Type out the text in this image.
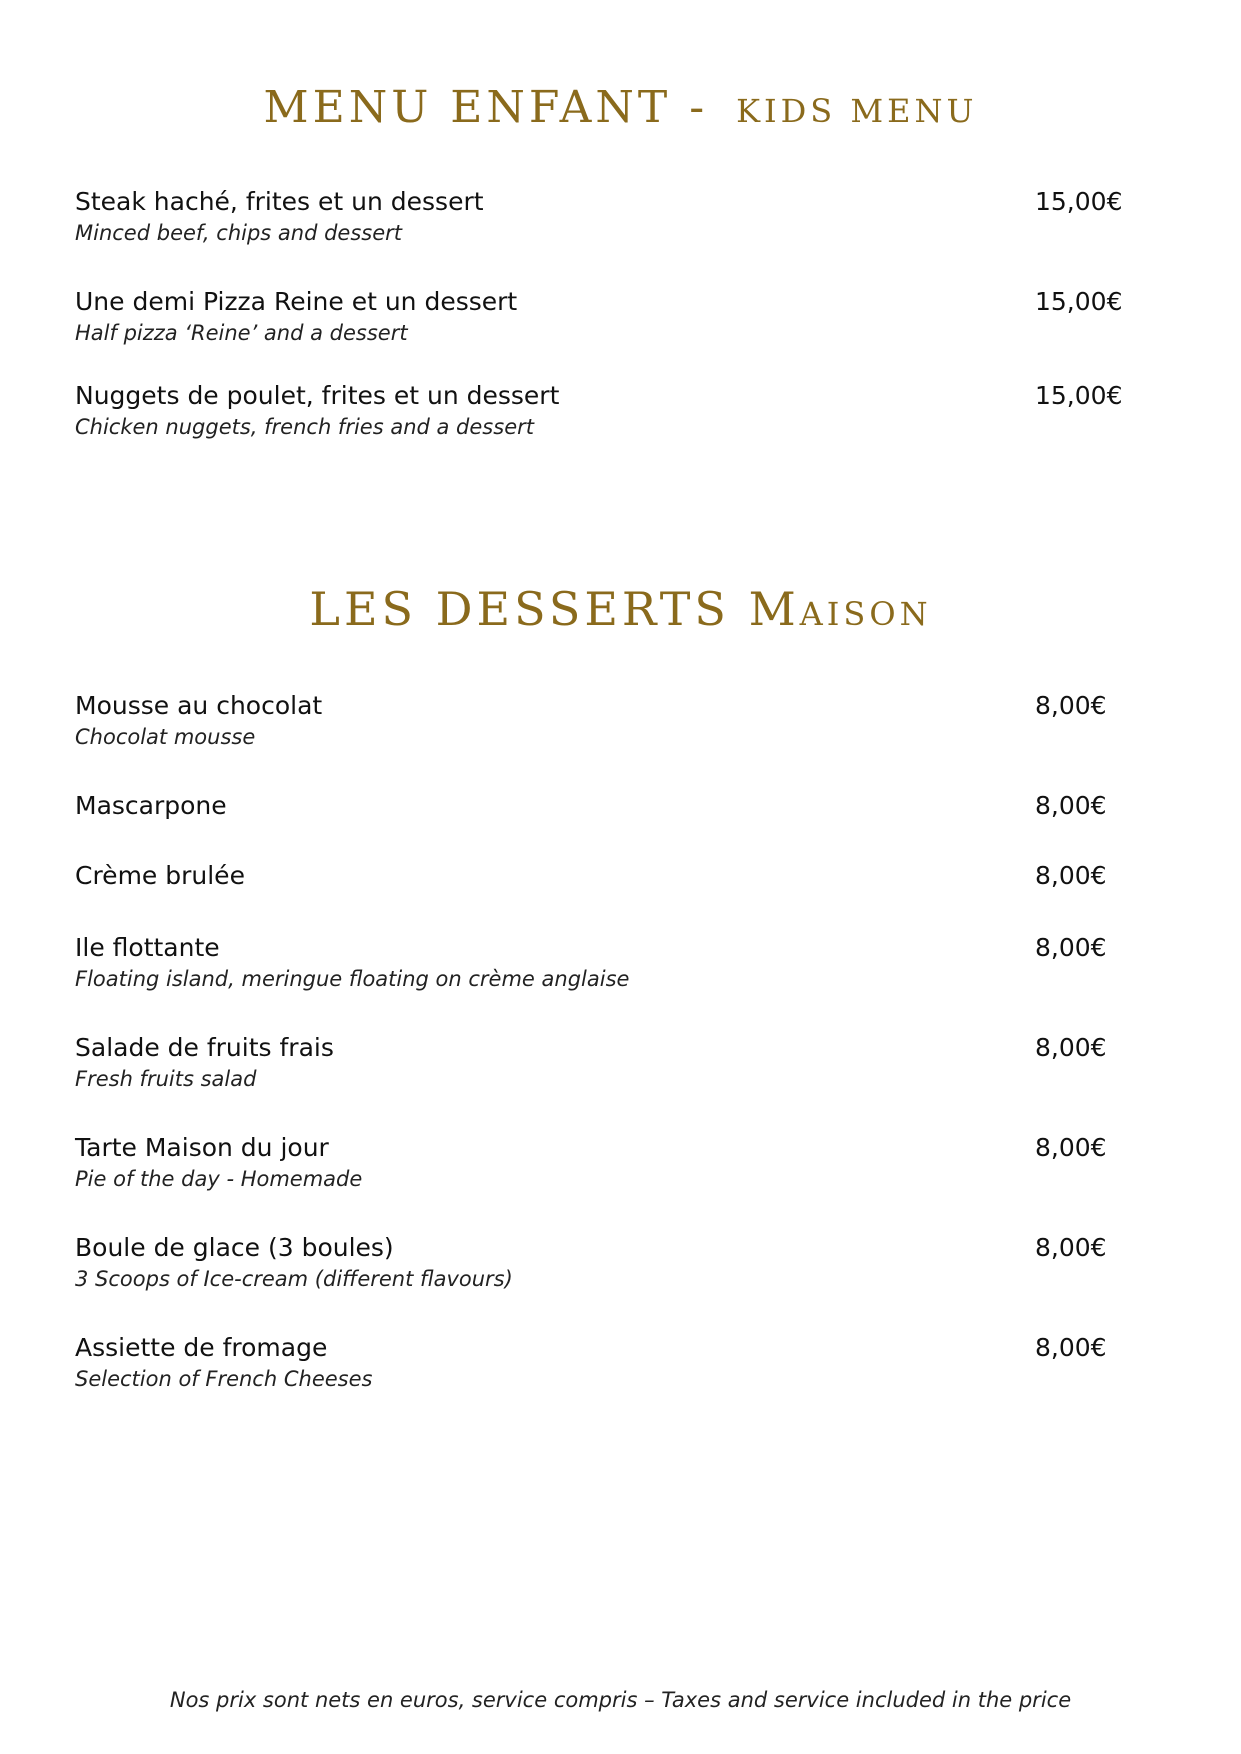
MENU ENFANT - KIDS MENU
Steak haché, frites et un dessert
Minced beef, chips and dessert
15,00€
Une demi Pizza Reine et un dessert
Half pizza ‘Reine’ and a dessert
15,00€
Nuggets de poulet, frites et un dessert
Chicken nuggets, french fries and a dessert
15,00€
LES DESSERTS Maison
Mousse au chocolat
Chocolat mousse
8,00€
Mascarpone	8,00€
Crème brulée	8,00€
Ile flottante
Floating island, meringue floating on crème anglaise
8,00€
Salade de fruits frais
Fresh fruits salad
8,00€
Tarte Maison du jour
Pie of the day - Homemade
8,00€
Boule de glace (3 boules)
3 Scoops of Ice-cream (different flavours)
8,00€
Assiette de fromage
Selection of French Cheeses
8,00€
Nos prix sont nets en euros, service compris – Taxes and service included in the price
